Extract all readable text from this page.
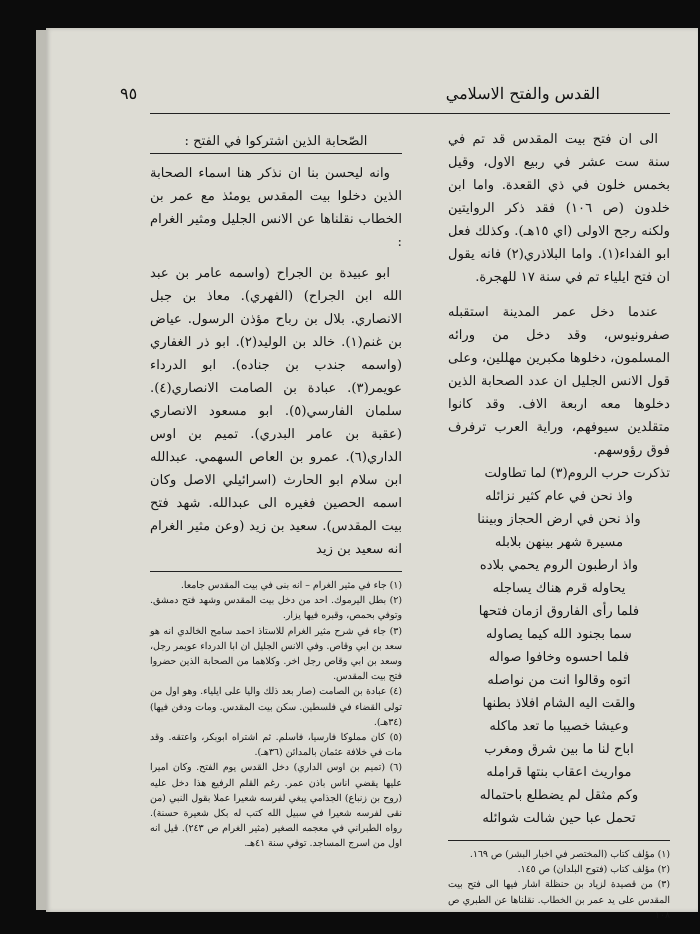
القدس والفتح الاسلامي
٩٥

الى ان فتح بيت المقدس قد تم في سنة ست عشر في ربيع الاول، وقيل بخمس خلون في ذي القعدة. واما ابن خلدون (ص ١٠٦) فقد ذكر الروايتين ولكنه رجح الاولى (اي ١٥هـ). وكذلك فعل ابو الفداء(١). واما البلاذري(٢) فانه يقول ان فتح ايلياء تم في سنة ١٧ للهجرة.

عندما دخل عمر المدينة استقبله صفرونيوس، وقد دخل من ورائه المسلمون، دخلوها مكبرين مهللين، وعلى قول الانس الجليل ان عدد الصحابة الذين دخلوها معه اربعة الاف. وقد كانوا متقلدين سيوفهم، وراية العرب ترفرف فوق رؤوسهم.

تذكرت حرب الروم(٣) لما تطاولت

واذ نحن في عام كثير نزائله

واذ نحن في ارض الحجاز وبيننا

مسيرة شهر بينهن بلابله

واذ ارطبون الروم يحمي بلاده

يحاوله قرم هناك يساجله

فلما رأى الفاروق ازمان فتحها

سما بجنود الله كيما يصاوله

فلما احسوه وخافوا صواله

اتوه وقالوا انت من نواصله

والقت اليه الشام افلاذ بطنها

وعيشا خصيبا ما تعد ماكله

اباح لنا ما بين شرق ومغرب

مواريث اعقاب بنتها قرامله

وكم مثقل لم يضطلع باحتماله

تحمل عبا حين شالت شوائله

(١) مؤلف كتاب (المختصر في اخبار البشر) ص ١٦٩.

(٢) مؤلف كتاب (فتوح البلدان) ص ١٤٥.

(٣) من قصيدة لزياد بن حنظلة اشار فيها الى فتح بيت المقدس على يد عمر بن الخطاب. نقلناها عن الطبري ص ١٠٨

الصّحابة الذين اشتركوا في الفتح :

وانه ليحسن بنا ان نذكر هنا اسماء الصحابة الذين دخلوا بيت المقدس يومئذ مع عمر بن الخطاب نقلناها عن الانس الجليل ومثير الغرام :

ابو عبيدة بن الجراح (واسمه عامر بن عبد الله ابن الجراح) (الفهري). معاذ بن جبل الانصاري. بلال بن رباح مؤذن الرسول. عياض بن غنم(١). خالد بن الوليد(٢). ابو ذر الغفاري (واسمه جندب بن جناده). ابو الدرداء عويمر(٣). عبادة بن الصامت الانصاري(٤). سلمان الفارسي(٥). ابو مسعود الانصاري (عقبة بن عامر البدري). تميم بن اوس الداري(٦). عمرو بن العاص السهمي. عبدالله ابن سلام ابو الحارث (اسرائيلي الاصل وكان اسمه الحصين فغيره الى عبدالله. شهد فتح بيت المقدس). سعيد بن زيد (وعن مثير الغرام انه سعيد بن زيد

(١) جاء في مثير الغرام – انه بنى في بيت المقدس جامعا.

(٢) بطل اليرموك. احد من دخل بيت المقدس وشهد فتح دمشق. وتوفي بحمص، وقبره فيها يزار.

(٣) جاء في شرح مثير الغرام للاستاذ احمد سامح الخالدي انه هو سعد بن ابي وقاص. وفي الانس الجليل ان ابا الدرداء عويمر رجل، وسعد بن ابي وقاص رجل اخر. وكلاهما من الصحابة الذين حضروا فتح بيت المقدس.

(٤) عبادة بن الصامت (صار بعد ذلك واليا على ايلياء. وهو اول من تولى القضاء في فلسطين. سكن بيت المقدس. ومات ودفن فيها) (٣٤هـ).

(٥) كان مملوكا فارسيا، فاسلم. ثم اشتراه ابوبكر، واعتقه. وقد مات في خلافة عثمان بالمدائن (٣٦هـ).

(٦) (تميم بن اوس الداري) دخل القدس يوم الفتح. وكان اميرا عليها يقضي اناس باذن عمر. رغم القلم الرفيع هذا دخل عليه (روح بن زنباع) الجذامي يبغي لفرسه شعيرا عملا بقول النبي (من نقى لفرسه شعيرا في سبيل الله كتب له بكل شعيرة حسنة). رواه الطبراني في معجمه الصغير (مثير الغرام ص ٢٤٣). قيل انه اول من اسرج المساجد. توفي سنة ٤١هـ.
